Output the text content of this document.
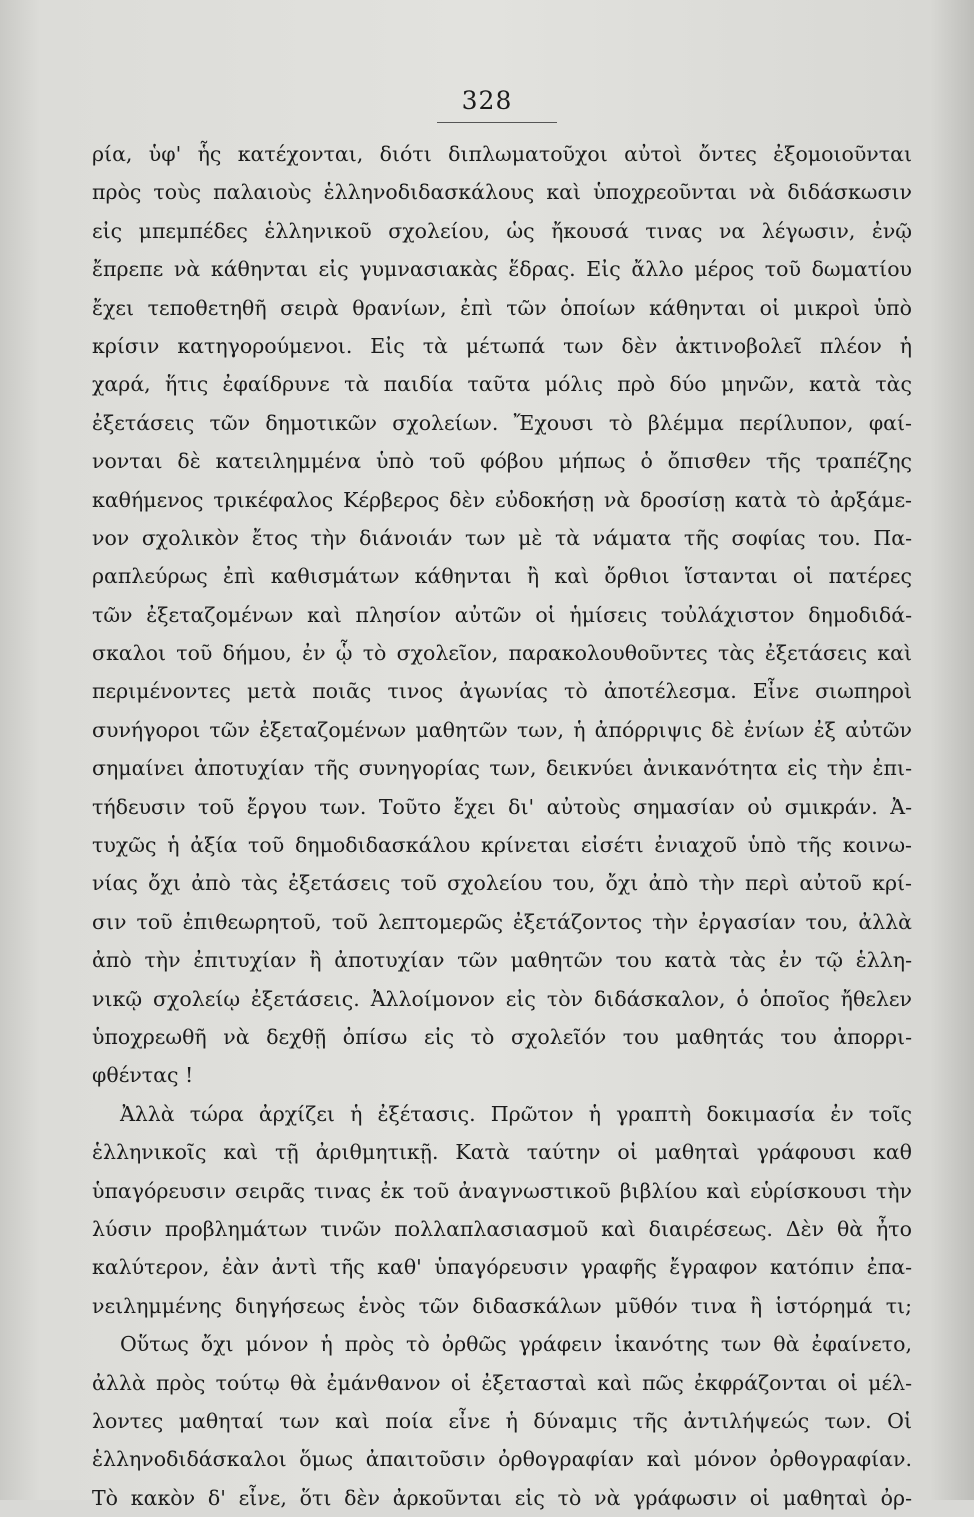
328
ρία, ὑφ' ἧς κατέχονται, διότι διπλωματοῦχοι αὐτοὶ ὄντες ἐξομοιοῦνται
πρὸς τοὺς παλαιοὺς ἑλληνοδιδασκάλους καὶ ὑποχρεοῦνται νὰ διδάσκωσιν
εἰς μπεμπέδες ἑλληνικοῦ σχολείου, ὡς ἤκουσά τινας να λέγωσιν, ἐνῷ
ἔπρεπε νὰ κάθηνται εἰς γυμνασιακὰς ἕδρας. Εἰς ἄλλο μέρος τοῦ δωματίου
ἔχει τεποθετηθῆ σειρὰ θρανίων, ἐπὶ τῶν ὁποίων κάθηνται οἱ μικροὶ ὑπὸ
κρίσιν κατηγορούμενοι. Εἰς τὰ μέτωπά των δὲν ἀκτινοβολεῖ πλέον ἡ
χαρά, ἥτις ἐφαίδρυνε τὰ παιδία ταῦτα μόλις πρὸ δύο μηνῶν, κατὰ τὰς
ἐξετάσεις τῶν δημοτικῶν σχολείων. Ἔχουσι τὸ βλέμμα περίλυπον, φαί-
νονται δὲ κατειλημμένα ὑπὸ τοῦ φόβου μήπως ὁ ὄπισθεν τῆς τραπέζης
καθήμενος τρικέφαλος Κέρβερος δὲν εὐδοκήσῃ νὰ δροσίσῃ κατὰ τὸ ἀρξάμε-
νον σχολικὸν ἔτος τὴν διάνοιάν των μὲ τὰ νάματα τῆς σοφίας του. Πα-
ραπλεύρως ἐπὶ καθισμάτων κάθηνται ἢ καὶ ὄρθιοι ἵστανται οἱ πατέρες
τῶν ἐξεταζομένων καὶ πλησίον αὐτῶν οἱ ἡμίσεις τοὐλάχιστον δημοδιδά-
σκαλοι τοῦ δήμου, ἐν ᾧ τὸ σχολεῖον, παρακολουθοῦντες τὰς ἐξετάσεις καὶ
περιμένοντες μετὰ ποιᾶς τινος ἀγωνίας τὸ ἀποτέλεσμα. Εἶνε σιωπηροὶ
συνήγοροι τῶν ἐξεταζομένων μαθητῶν των, ἡ ἀπόρριψις δὲ ἐνίων ἐξ αὐτῶν
σημαίνει ἀποτυχίαν τῆς συνηγορίας των, δεικνύει ἀνικανότητα εἰς τὴν ἐπι-
τήδευσιν τοῦ ἔργου των. Τοῦτο ἔχει δι' αὐτοὺς σημασίαν οὐ σμικράν. Ἀ-
τυχῶς ἡ ἀξία τοῦ δημοδιδασκάλου κρίνεται εἰσέτι ἐνιαχοῦ ὑπὸ τῆς κοινω-
νίας ὄχι ἀπὸ τὰς ἐξετάσεις τοῦ σχολείου του, ὄχι ἀπὸ τὴν περὶ αὐτοῦ κρί-
σιν τοῦ ἐπιθεωρητοῦ, τοῦ λεπτομερῶς ἐξετάζοντος τὴν ἐργασίαν του, ἀλλὰ
ἀπὸ τὴν ἐπιτυχίαν ἢ ἀποτυχίαν τῶν μαθητῶν του κατὰ τὰς ἐν τῷ ἑλλη-
νικῷ σχολείῳ ἐξετάσεις. Ἀλλοίμονον εἰς τὸν διδάσκαλον, ὁ ὁποῖος ἤθελεν
ὑποχρεωθῆ νὰ δεχθῇ ὀπίσω εἰς τὸ σχολεῖόν του μαθητάς του ἀπορρι-
φθέντας !
Ἀλλὰ τώρα ἀρχίζει ἡ ἐξέτασις. Πρῶτον ἡ γραπτὴ δοκιμασία ἐν τοῖς
ἑλληνικοῖς καὶ τῇ ἀριθμητικῇ. Κατὰ ταύτην οἱ μαθηταὶ γράφουσι καθ
ὑπαγόρευσιν σειρᾶς τινας ἐκ τοῦ ἀναγνωστικοῦ βιβλίου καὶ εὑρίσκουσι τὴν
λύσιν προβλημάτων τινῶν πολλαπλασιασμοῦ καὶ διαιρέσεως. Δὲν θὰ ἦτο
καλύτερον, ἐὰν ἀντὶ τῆς καθ' ὑπαγόρευσιν γραφῆς ἔγραφον κατόπιν ἐπα-
νειλημμένης διηγήσεως ἑνὸς τῶν διδασκάλων μῦθόν τινα ἢ ἱστόρημά τι;
Οὕτως ὄχι μόνον ἡ πρὸς τὸ ὀρθῶς γράφειν ἱκανότης των θὰ ἐφαίνετο,
ἀλλὰ πρὸς τούτῳ θὰ ἐμάνθανον οἱ ἐξετασταὶ καὶ πῶς ἐκφράζονται οἱ μέλ-
λοντες μαθηταί των καὶ ποία εἶνε ἡ δύναμις τῆς ἀντιλήψεώς των. Οἱ
ἑλληνοδιδάσκαλοι ὅμως ἀπαιτοῦσιν ὀρθογραφίαν καὶ μόνον ὀρθογραφίαν.
Τὸ κακὸν δ' εἶνε, ὅτι δὲν ἀρκοῦνται εἰς τὸ νὰ γράφωσιν οἱ μαθηταὶ ὀρ-
